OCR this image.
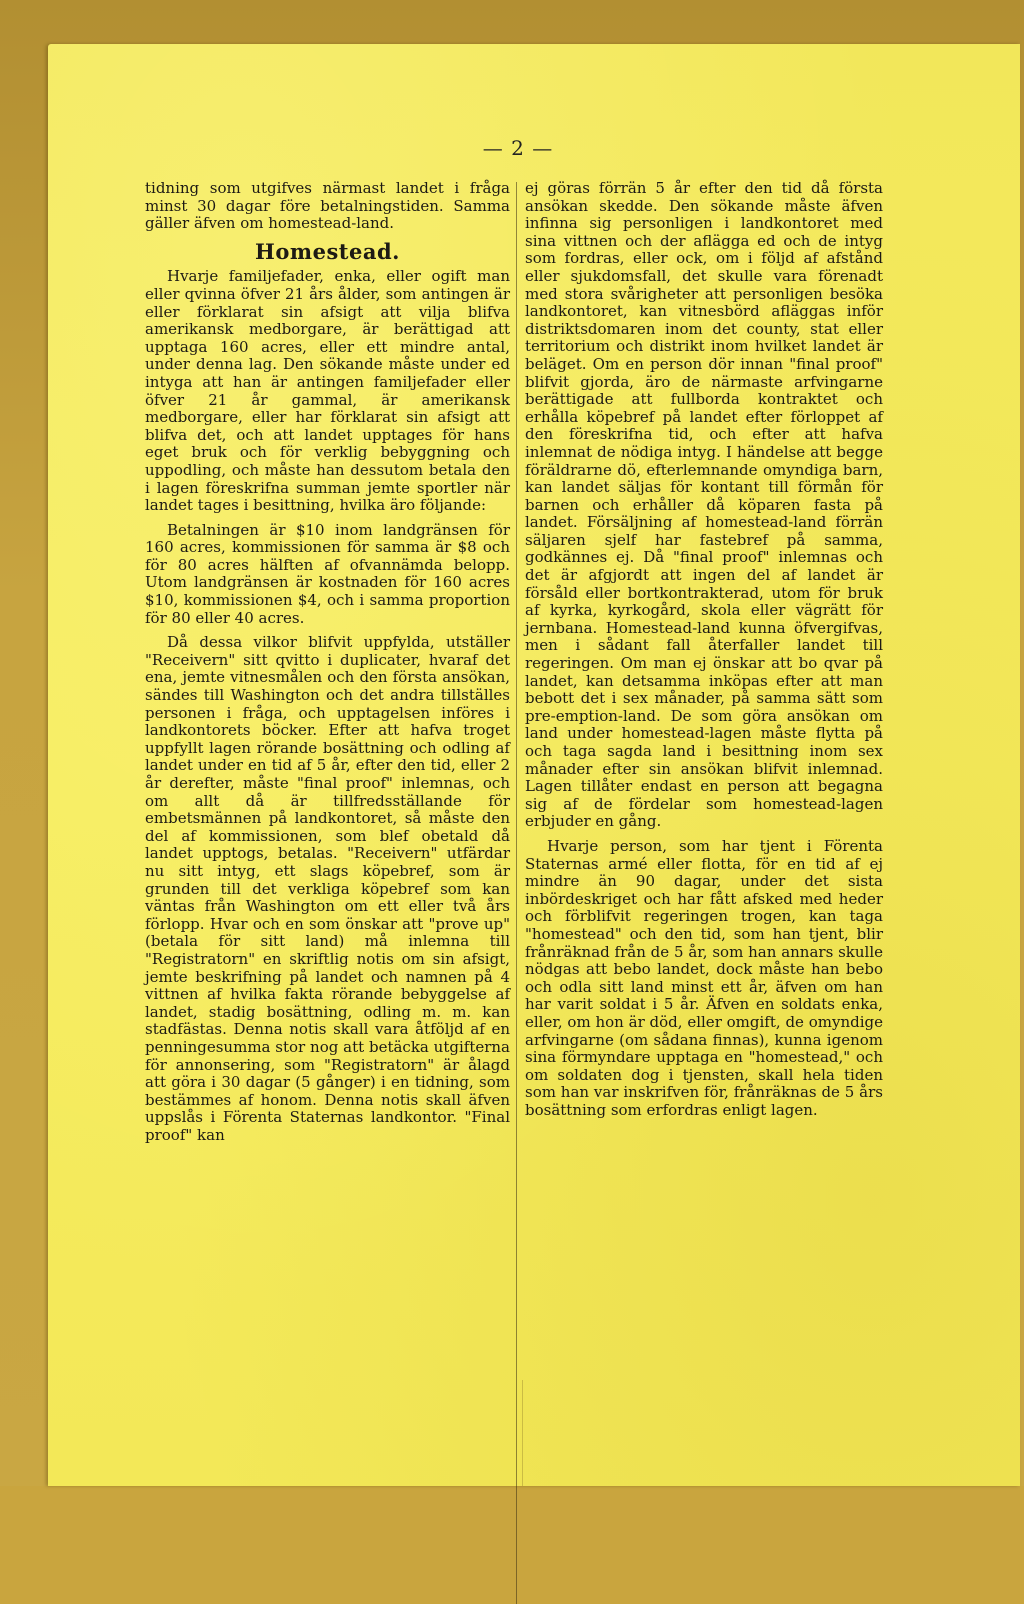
— 2 —

tidning som utgifves närmast landet i fråga minst 30 dagar före betalningstiden. Samma gäller äfven om homestead-land.

Homestead.

Hvarje familjefader, enka, eller ogift man eller qvinna öfver 21 års ålder, som antingen är eller förklarat sin afsigt att vilja blifva amerikansk medborgare, är berättigad att upptaga 160 acres, eller ett mindre antal, under denna lag. Den sökande måste under ed intyga att han är antingen familjefader eller öfver 21 år gammal, är amerikansk medborgare, eller har förklarat sin afsigt att blifva det, och att landet upptages för hans eget bruk och för verklig bebyggning och uppodling, och måste han dessutom betala den i lagen föreskrifna summan jemte sportler när landet tages i besittning, hvilka äro följande:

Betalningen är $10 inom landgränsen för 160 acres, kommissionen för samma är $8 och för 80 acres hälften af ofvannämda belopp. Utom landgränsen är kostnaden för 160 acres $10, kommissionen $4, och i samma proportion för 80 eller 40 acres.

Då dessa vilkor blifvit uppfylda, utställer "Receivern" sitt qvitto i duplicater, hvaraf det ena, jemte vitnesmålen och den första ansökan, sändes till Washington och det andra tillställes personen i fråga, och upptagelsen införes i landkontorets böcker. Efter att hafva troget uppfyllt lagen rörande bosättning och odling af landet under en tid af 5 år, efter den tid, eller 2 år derefter, måste "final proof" inlemnas, och om allt då är tillfredsställande för embetsmännen på landkontoret, så måste den del af kommissionen, som blef obetald då landet upptogs, betalas. "Receivern" utfärdar nu sitt intyg, ett slags köpebref, som är grunden till det verkliga köpebref som kan väntas från Washington om ett eller två års förlopp. Hvar och en som önskar att "prove up" (betala för sitt land) må inlemna till "Registratorn" en skriftlig notis om sin afsigt, jemte beskrifning på landet och namnen på 4 vittnen af hvilka fakta rörande bebyggelse af landet, stadig bosättning, odling m. m. kan stadfästas. Denna notis skall vara åtföljd af en penningesumma stor nog att betäcka utgifterna för annonsering, som "Registratorn" är ålagd att göra i 30 dagar (5 gånger) i en tidning, som bestämmes af honom. Denna notis skall äfven uppslås i Förenta Staternas landkontor. "Final proof" kan

ej göras förrän 5 år efter den tid då första ansökan skedde. Den sökande måste äfven infinna sig personligen i landkontoret med sina vittnen och der aflägga ed och de intyg som fordras, eller ock, om i följd af afstånd eller sjukdomsfall, det skulle vara förenadt med stora svårigheter att personligen besöka landkontoret, kan vitnesbörd afläggas inför distriktsdomaren inom det county, stat eller territorium och distrikt inom hvilket landet är beläget. Om en person dör innan "final proof" blifvit gjorda, äro de närmaste arfvingarne berättigade att fullborda kontraktet och erhålla köpebref på landet efter förloppet af den föreskrifna tid, och efter att hafva inlemnat de nödiga intyg. I händelse att begge föräldrarne dö, efterlemnande omyndiga barn, kan landet säljas för kontant till förmån för barnen och erhåller då köparen fasta på landet. Försäljning af homestead-land förrän säljaren sjelf har fastebref på samma, godkännes ej. Då "final proof" inlemnas och det är afgjordt att ingen del af landet är försåld eller bortkontrakterad, utom för bruk af kyrka, kyrkogård, skola eller vägrätt för jernbana. Homestead-land kunna öfvergifvas, men i sådant fall återfaller landet till regeringen. Om man ej önskar att bo qvar på landet, kan detsamma inköpas efter att man bebott det i sex månader, på samma sätt som pre-emption-land. De som göra ansökan om land under homestead-lagen måste flytta på och taga sagda land i besittning inom sex månader efter sin ansökan blifvit inlemnad. Lagen tillåter endast en person att begagna sig af de fördelar som homestead-lagen erbjuder en gång.

Hvarje person, som har tjent i Förenta Staternas armé eller flotta, för en tid af ej mindre än 90 dagar, under det sista inbördeskriget och har fått afsked med heder och förblifvit regeringen trogen, kan taga "homestead" och den tid, som han tjent, blir frånräknad från de 5 år, som han annars skulle nödgas att bebo landet, dock måste han bebo och odla sitt land minst ett år, äfven om han har varit soldat i 5 år. Äfven en soldats enka, eller, om hon är död, eller omgift, de omyndige arfvingarne (om sådana finnas), kunna igenom sina förmyndare upptaga en "homestead," och om soldaten dog i tjensten, skall hela tiden som han var inskrifven för, frånräknas de 5 års bosättning som erfordras enligt lagen.
